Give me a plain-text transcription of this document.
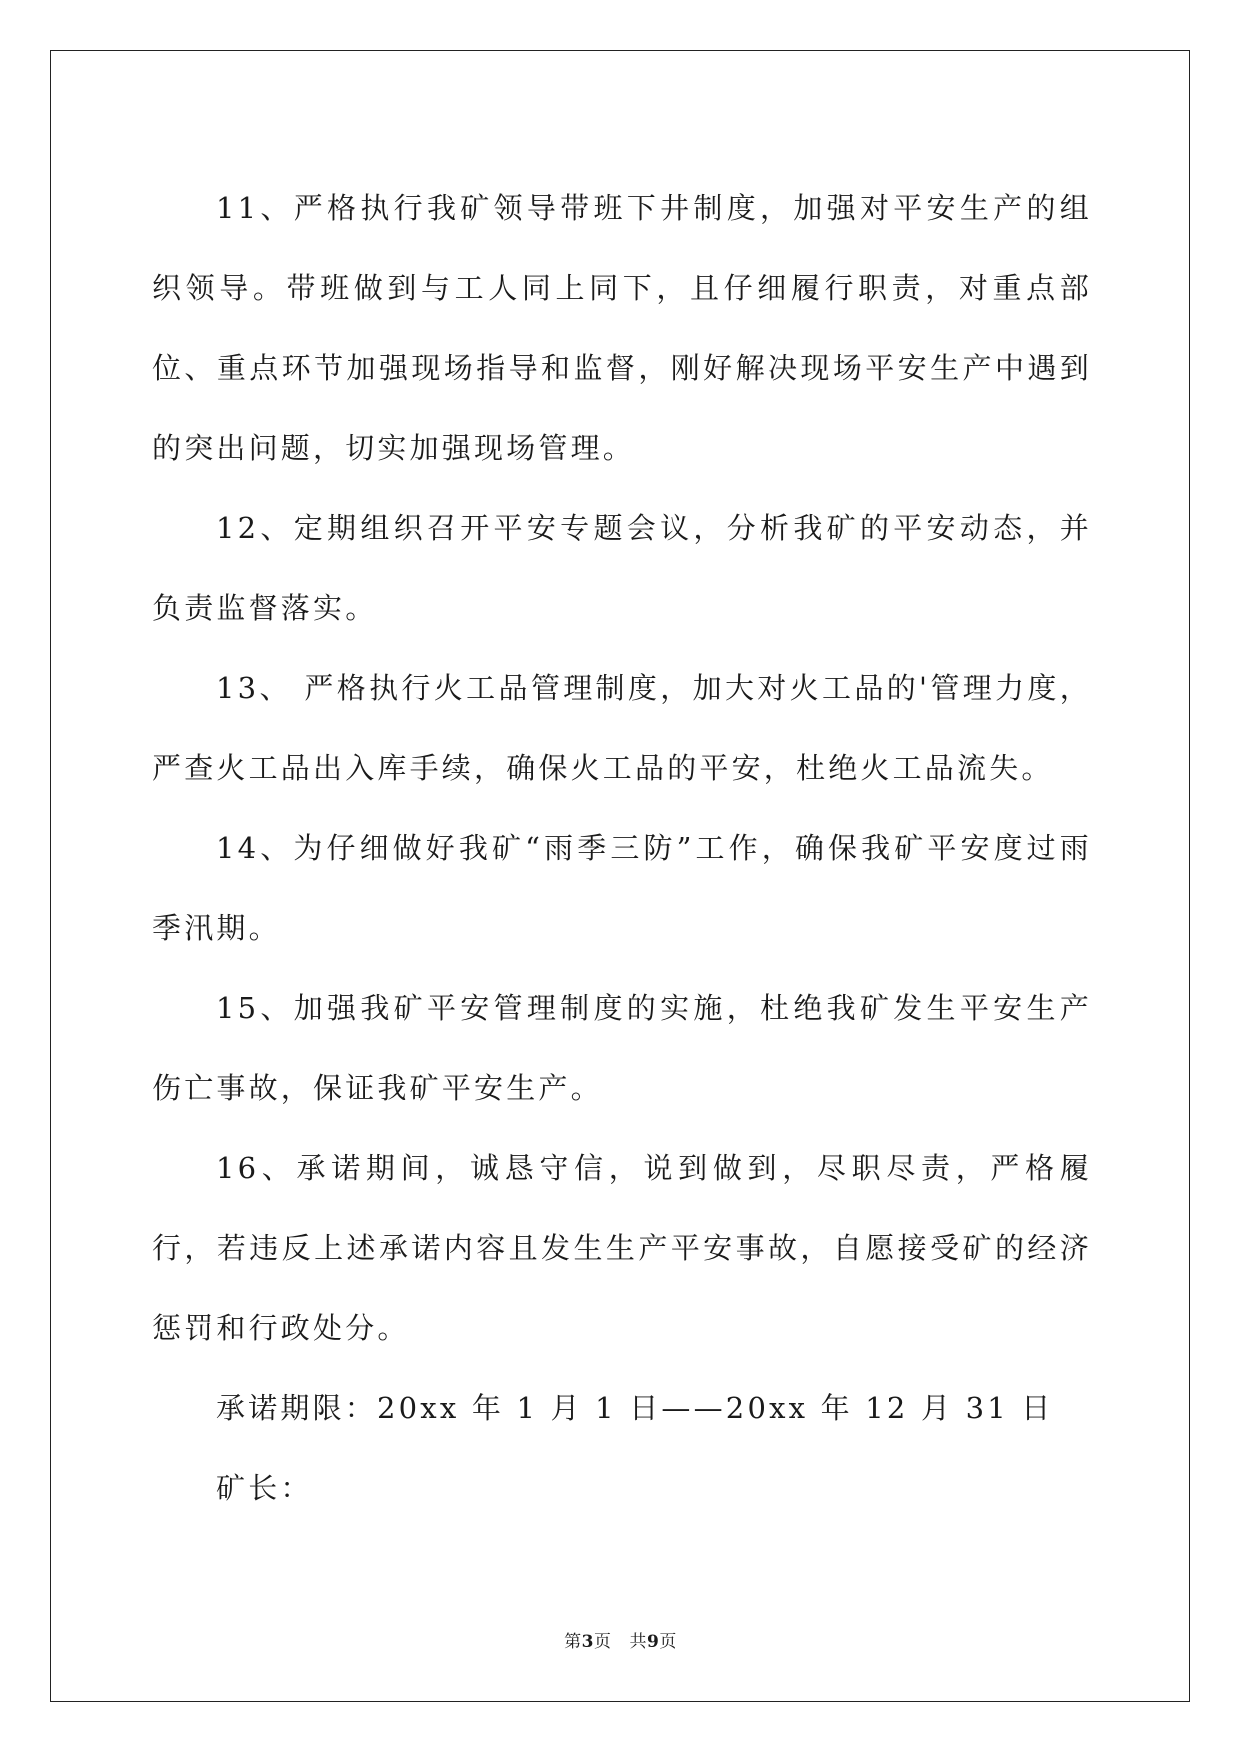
11、严格执行我矿领导带班下井制度，加强对平安生产的组织领导。带班做到与工人同上同下，且仔细履行职责，对重点部位、重点环节加强现场指导和监督，刚好解决现场平安生产中遇到的突出问题，切实加强现场管理。

12、定期组织召开平安专题会议，分析我矿的平安动态，并负责监督落实。

13、 严格执行火工品管理制度，加大对火工品的'管理力度，严查火工品出入库手续，确保火工品的平安，杜绝火工品流失。

14、为仔细做好我矿“雨季三防”工作，确保我矿平安度过雨季汛期。

15、加强我矿平安管理制度的实施，杜绝我矿发生平安生产伤亡事故，保证我矿平安生产。

16、承诺期间，诚恳守信，说到做到，尽职尽责，严格履行，若违反上述承诺内容且发生生产平安事故，自愿接受矿的经济惩罚和行政处分。

承诺期限：20xx 年 1 月 1 日——20xx 年 12 月 31 日

矿长：

第3页 共9页
